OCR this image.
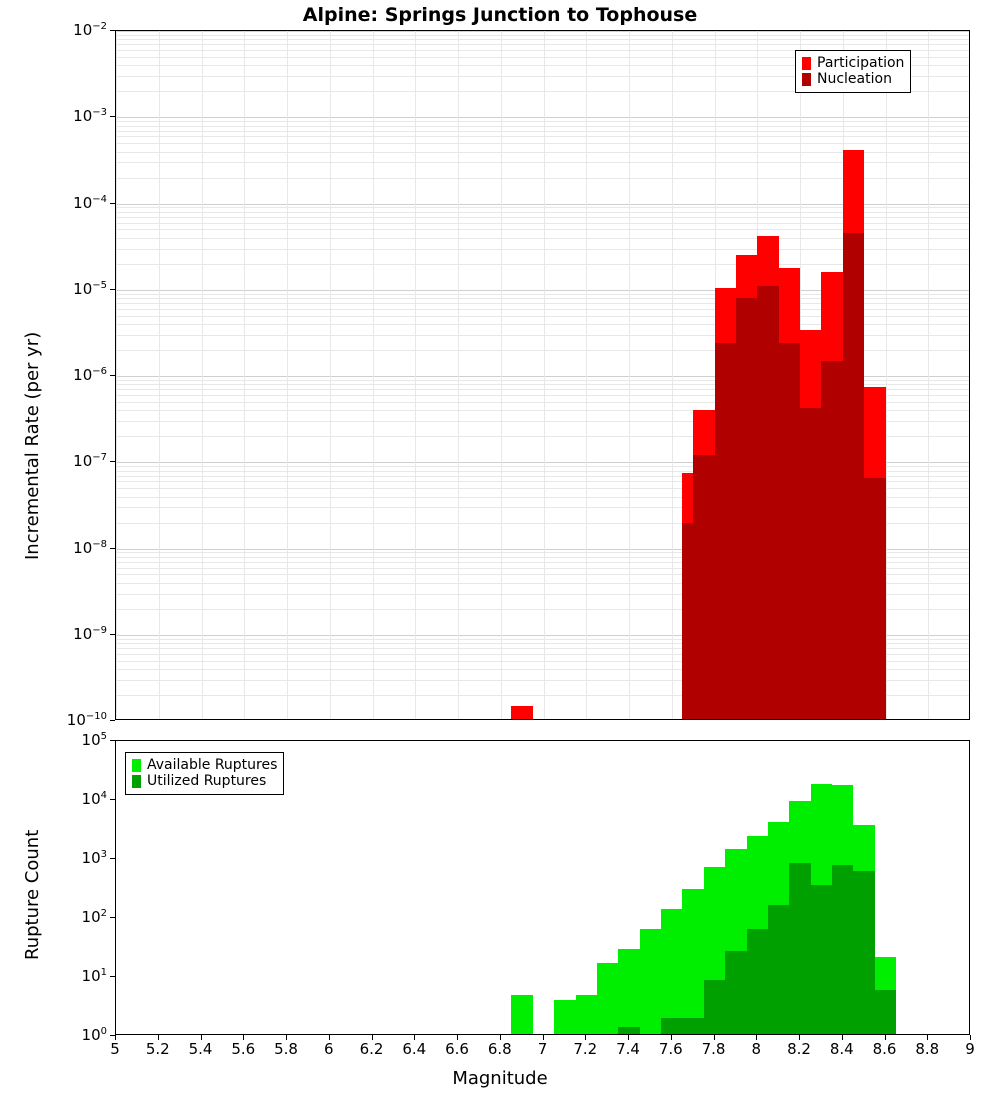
Alpine: Springs Junction to Tophouse
$10^{-10}$
$10^{-9}$
$10^{-8}$
$10^{-7}$
$10^{-6}$
$10^{-5}$
$10^{-4}$
$10^{-3}$
$10^{-2}$
Incremental Rate (per yr)
Participation
Nucleation
$10^0$
$10^1$
$10^2$
$10^3$
$10^4$
$10^5$
Rupture Count
Available Ruptures
Utilized Ruptures
5 5.2 5.4 5.6 5.8 6 6.2 6.4 6.6 6.8 7 7.2 7.4 7.6 7.8 8 8.2 8.4 8.6 8.8 9
Magnitude
